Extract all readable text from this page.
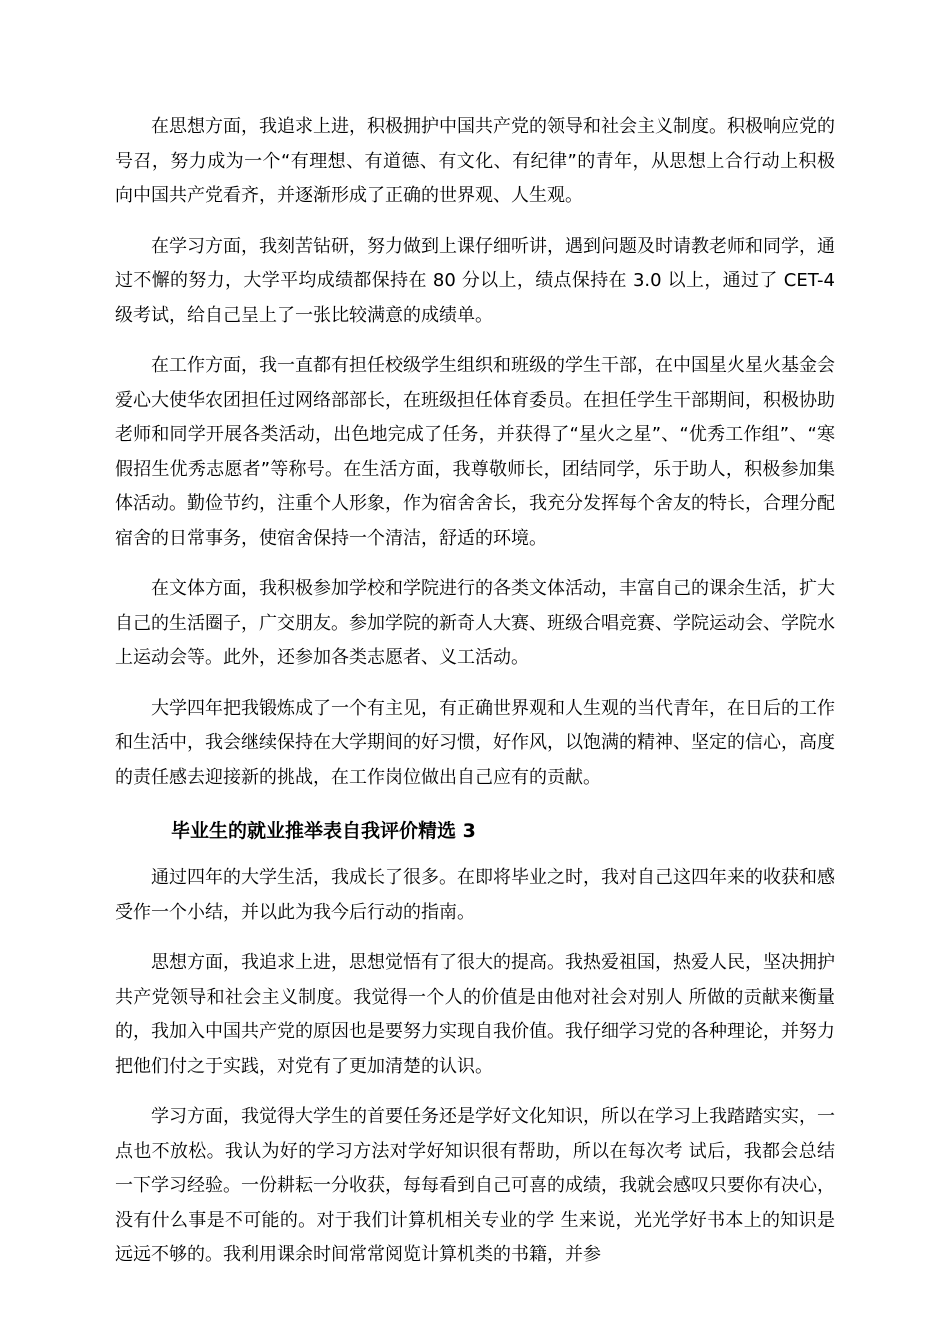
在思想方面，我追求上进，积极拥护中国共产党的领导和社会主义制度。积极响应党的号召，努力成为一个“有理想、有道德、有文化、有纪律”的青年，从思想上合行动上积极向中国共产党看齐，并逐渐形成了正确的世界观、人生观。

在学习方面，我刻苦钻研，努力做到上课仔细听讲，遇到问题及时请教老师和同学，通过不懈的努力，大学平均成绩都保持在 80 分以上，绩点保持在 3.0 以上，通过了 CET-4 级考试，给自己呈上了一张比较满意的成绩单。

在工作方面，我一直都有担任校级学生组织和班级的学生干部，在中国星火星火基金会爱心大使华农团担任过网络部部长，在班级担任体育委员。在担任学生干部期间，积极协助老师和同学开展各类活动，出色地完成了任务，并获得了“星火之星”、“优秀工作组”、“寒假招生优秀志愿者”等称号。在生活方面，我尊敬师长，团结同学，乐于助人，积极参加集体活动。勤俭节约，注重个人形象，作为宿舍舍长，我充分发挥每个舍友的特长，合理分配宿舍的日常事务，使宿舍保持一个清洁，舒适的环境。

在文体方面，我积极参加学校和学院进行的各类文体活动，丰富自己的课余生活，扩大自己的生活圈子，广交朋友。参加学院的新奇人大赛、班级合唱竞赛、学院运动会、学院水上运动会等。此外，还参加各类志愿者、义工活动。

大学四年把我锻炼成了一个有主见，有正确世界观和人生观的当代青年，在日后的工作和生活中，我会继续保持在大学期间的好习惯，好作风，以饱满的精神、坚定的信心，高度的责任感去迎接新的挑战，在工作岗位做出自己应有的贡献。

毕业生的就业推举表自我评价精选 3

通过四年的大学生活，我成长了很多。在即将毕业之时，我对自己这四年来的收获和感受作一个小结，并以此为我今后行动的指南。

思想方面，我追求上进，思想觉悟有了很大的提高。我热爱祖国，热爱人民，坚决拥护共产党领导和社会主义制度。我觉得一个人的价值是由他对社会对别人 所做的贡献来衡量的，我加入中国共产党的原因也是要努力实现自我价值。我仔细学习党的各种理论，并努力把他们付之于实践，对党有了更加清楚的认识。

学习方面，我觉得大学生的首要任务还是学好文化知识，所以在学习上我踏踏实实，一点也不放松。我认为好的学习方法对学好知识很有帮助，所以在每次考 试后，我都会总结一下学习经验。一份耕耘一分收获，每每看到自己可喜的成绩，我就会感叹只要你有决心，没有什么事是不可能的。对于我们计算机相关专业的学 生来说，光光学好书本上的知识是远远不够的。我利用课余时间常常阅览计算机类的书籍，并参
